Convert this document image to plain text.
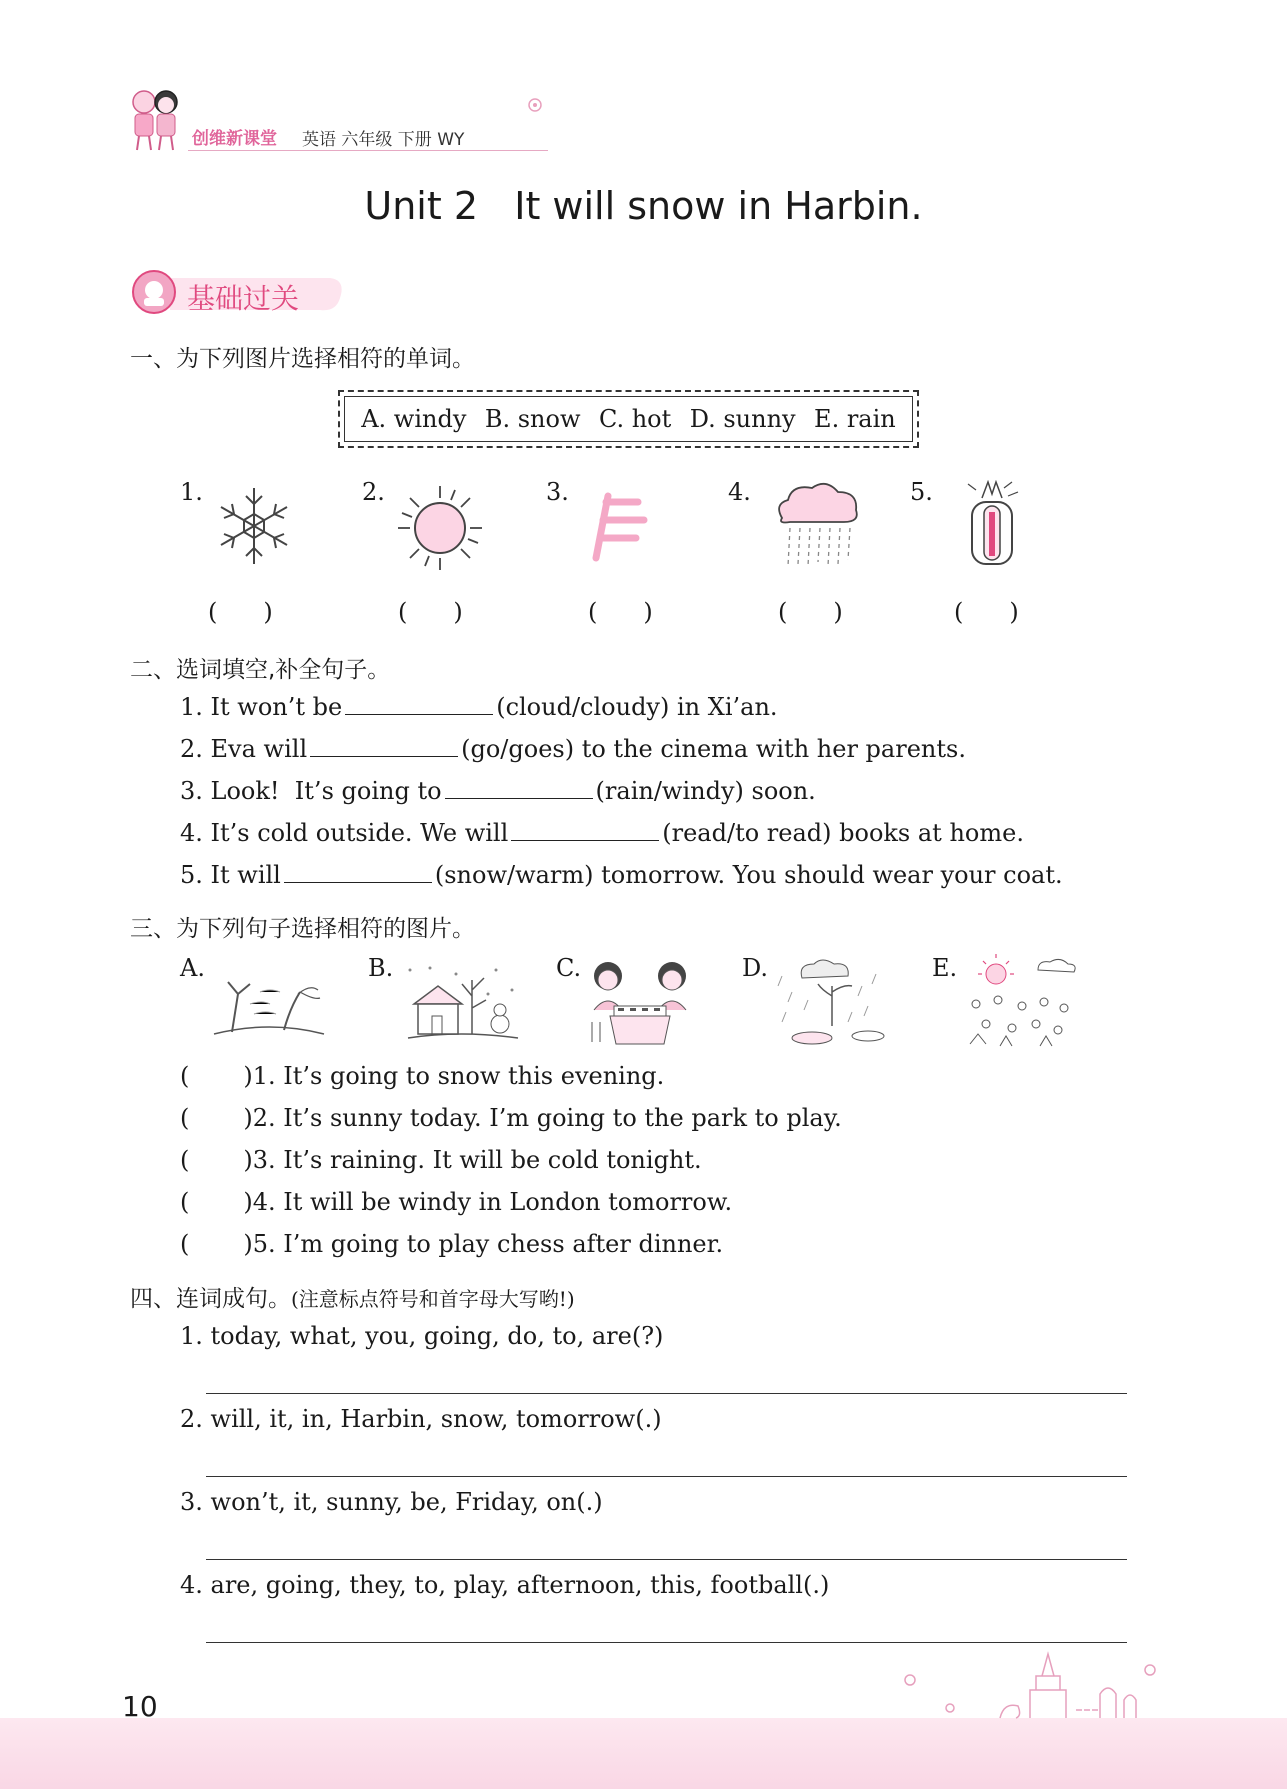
创维新课堂 英语 六年级 下册 WY
Unit 2   It will snow in Harbin.
基础过关
一、为下列图片选择相符的单词。
A. windy B. snow C. hot D. sunny E. rain
1.	2.	3.	4.	5.
( )	( )	( )	( )	( )
二、选词填空,补全句子。
1. It won’t be	(cloud/cloudy) in Xi’an.
2. Eva will	(go/goes) to the cinema with her parents.
3. Look!  It’s going to	(rain/windy) soon.
4. It’s cold outside. We will	(read/to read) books at home.
5. It will	(snow/warm) tomorrow. You should wear your coat.
三、为下列句子选择相符的图片。
A.	B.	C.	D.	E.
( )1. It’s going to snow this evening.
( )2. It’s sunny today. I’m going to the park to play.
( )3. It’s raining. It will be cold tonight.
( )4. It will be windy in London tomorrow.
( )5. I’m going to play chess after dinner.
四、连词成句。(注意标点符号和首字母大写哟!)
1. today, what, you, going, do, to, are(?)
2. will, it, in, Harbin, snow, tomorrow(.)
3. won’t, it, sunny, be, Friday, on(.)
4. are, going, they, to, play, afternoon, this, football(.)
10
